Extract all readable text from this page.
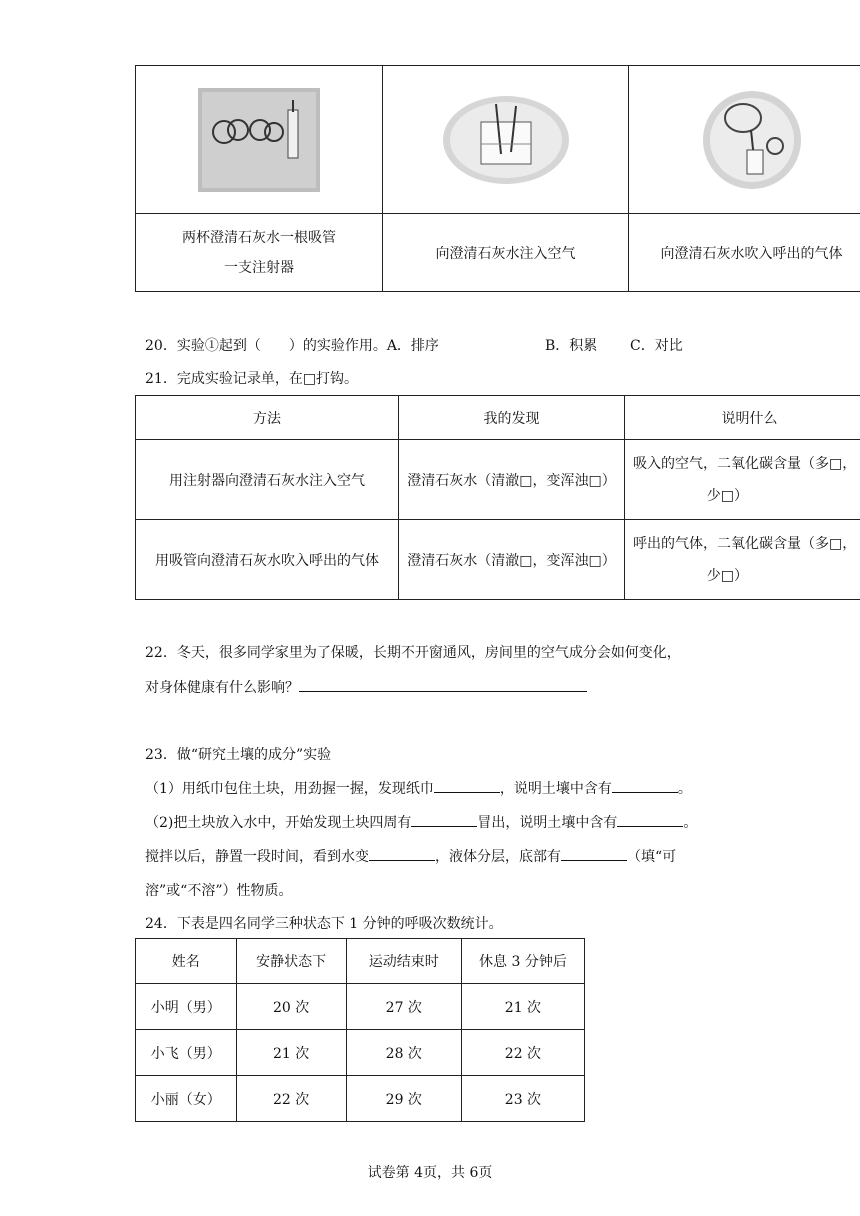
两杯澄清石灰水一根吸管
一支注射器	向澄清石灰水注入空气	向澄清石灰水吹入呼出的气体
20．实验①起到（　　）的实验作用。A．排序	B．积累 C．对比
21．完成实验记录单，在□打钩。
方法	我的发现	说明什么
用注射器向澄清石灰水注入空气	澄清石灰水（清澈□，变浑浊□）	吸入的空气，二氧化碳含量（多□，
少□）

用吸管向澄清石灰水吹入呼出的气体	澄清石灰水（清澈□，变浑浊□）	呼出的气体，二氧化碳含量（多□，
少□）
22．冬天，很多同学家里为了保暖，长期不开窗通风，房间里的空气成分会如何变化，
对身体健康有什么影响？
23．做“研究土壤的成分”实验
（1）用纸巾包住土块，用劲握一握，发现纸巾	，说明土壤中含有	。
（2)把土块放入水中，开始发现土块四周有	冒出，说明土壤中含有	。
搅拌以后，静置一段时间，看到水变	，液体分层，底部有	（填“可
溶”或“不溶”）性物质。
24．下表是四名同学三种状态下 1 分钟的呼吸次数统计。
姓名	安静状态下	运动结束时	休息 3 分钟后
小明（男）	20 次	27 次	21 次
小飞（男）	21 次	28 次	22 次
小丽（女）	22 次	29 次	23 次
试卷第 4页，共 6页
